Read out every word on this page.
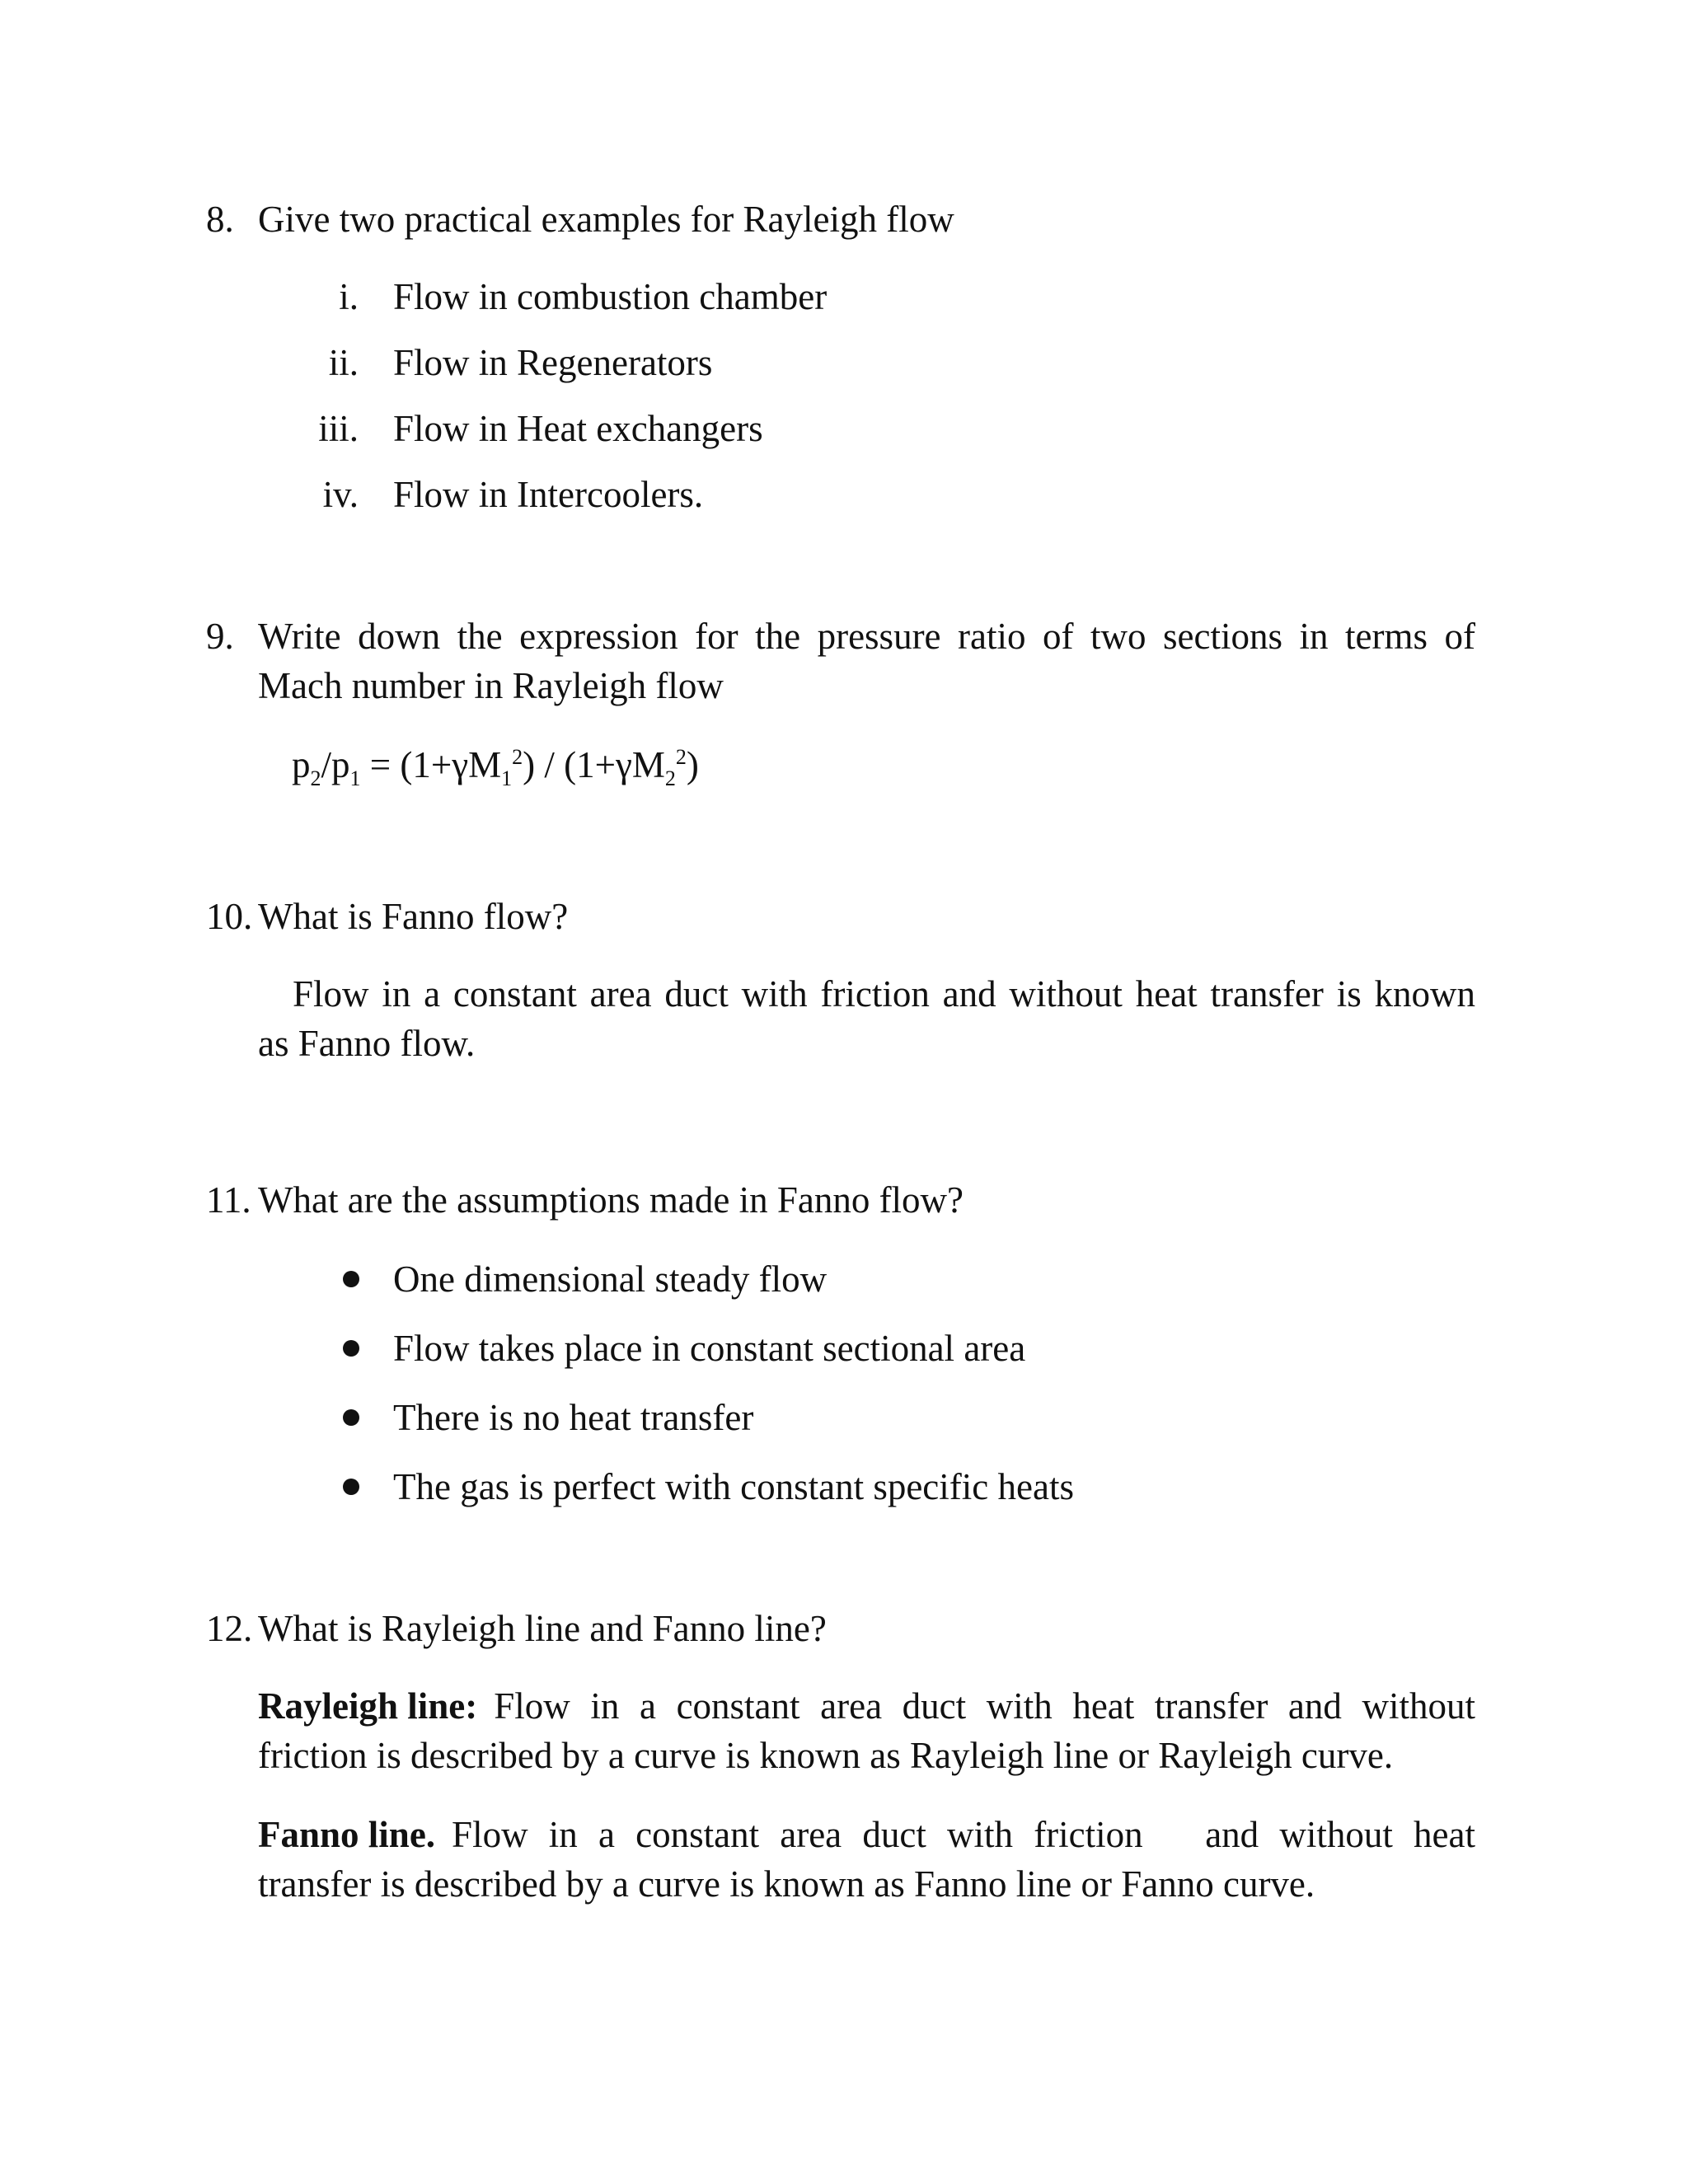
8. Give two practical examples for Rayleigh flow
i. Flow in combustion chamber
ii. Flow in Regenerators
iii. Flow in Heat exchangers
iv. Flow in Intercoolers.
9. Write down the expression for the pressure ratio of two sections in terms of
Mach number in Rayleigh flow
$p_2/p_1 = (1+\gamma M_1^2) / (1+\gamma M_2^2)$
10. What is Fanno flow?
Flow in a constant area duct with friction and without heat transfer is known
as Fanno flow.
11. What are the assumptions made in Fanno flow?
One dimensional steady flow
Flow takes place in constant sectional area
There is no heat transfer
The gas is perfect with constant specific heats
12. What is Rayleigh line and Fanno line?
Rayleigh line: Flow in a constant area duct with heat transfer and without
friction is described by a curve is known as Rayleigh line or Rayleigh curve.
Fanno line. Flow in a constant area duct with friction   and without heat
transfer is described by a curve is known as Fanno line or Fanno curve.
